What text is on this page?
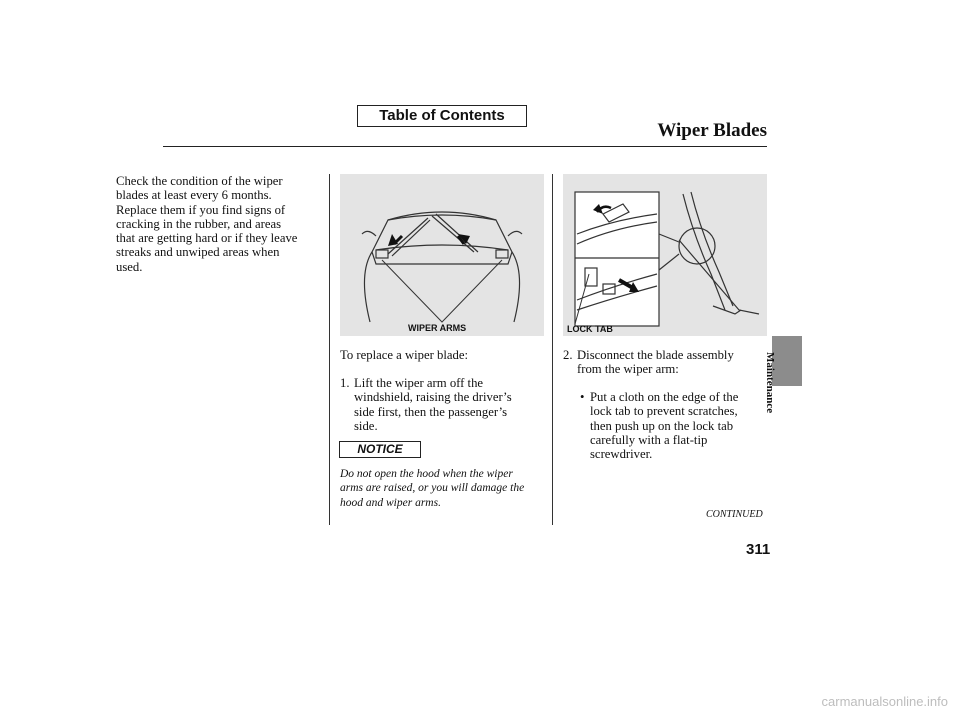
Table of Contents
Wiper Blades
Check the condition of the wiper
blades at least every 6 months.
Replace them if you find signs of
cracking in the rubber, and areas
that are getting hard or if they leave
streaks and unwiped areas when
used.
WIPER ARMS	LOCK TAB
To replace a wiper blade:
1. Lift the wiper arm off the
windshield, raising the driver’s
side first, then the passenger’s
side.
NOTICE
Do not open the hood when the wiper
arms are raised, or you will damage the
hood and wiper arms.
2. Disconnect the blade assembly
from the wiper arm:
• Put a cloth on the edge of the
lock tab to prevent scratches,
then push up on the lock tab
carefully with a flat-tip
screwdriver.
CONTINUED
311
Maintenance
carmanualsonline.info
